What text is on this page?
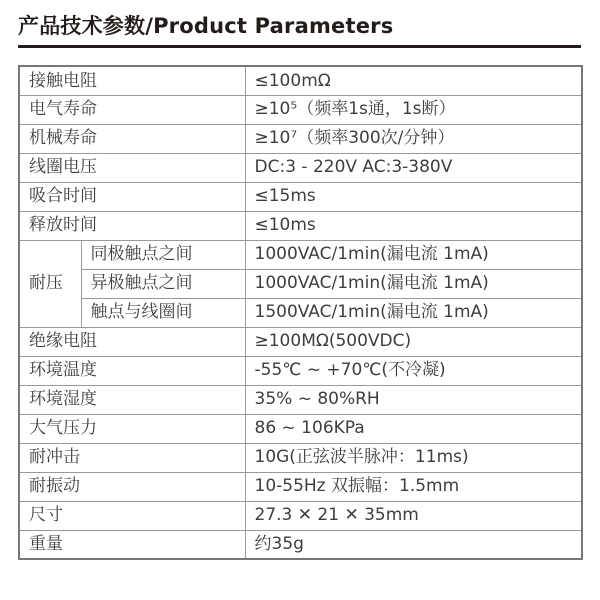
产品技术参数/Product Parameters
接触电阻		≤100mΩ
电气寿命		≥10⁵（频率1s通，1s断）
机械寿命		≥10⁷（频率300次/分钟）
线圈电压		DC:3 - 220V AC:3-380V
吸合时间		≤15ms
释放时间		≤10ms
耐压	同极触点之间	1000VAC/1min(漏电流 1mA)
	异极触点之间	1000VAC/1min(漏电流 1mA)
	触点与线圈间	1500VAC/1min(漏电流 1mA)
绝缘电阻		≥100MΩ(500VDC)
环境温度		-55℃ ~ +70℃(不冷凝)
环境湿度		35% ~ 80%RH
大气压力		86 ~ 106KPa
耐冲击		10G(正弦波半脉冲：11ms)
耐振动		10-55Hz 双振幅：1.5mm
尺寸		27.3 ✕ 21 ✕ 35mm
重量		约35g
